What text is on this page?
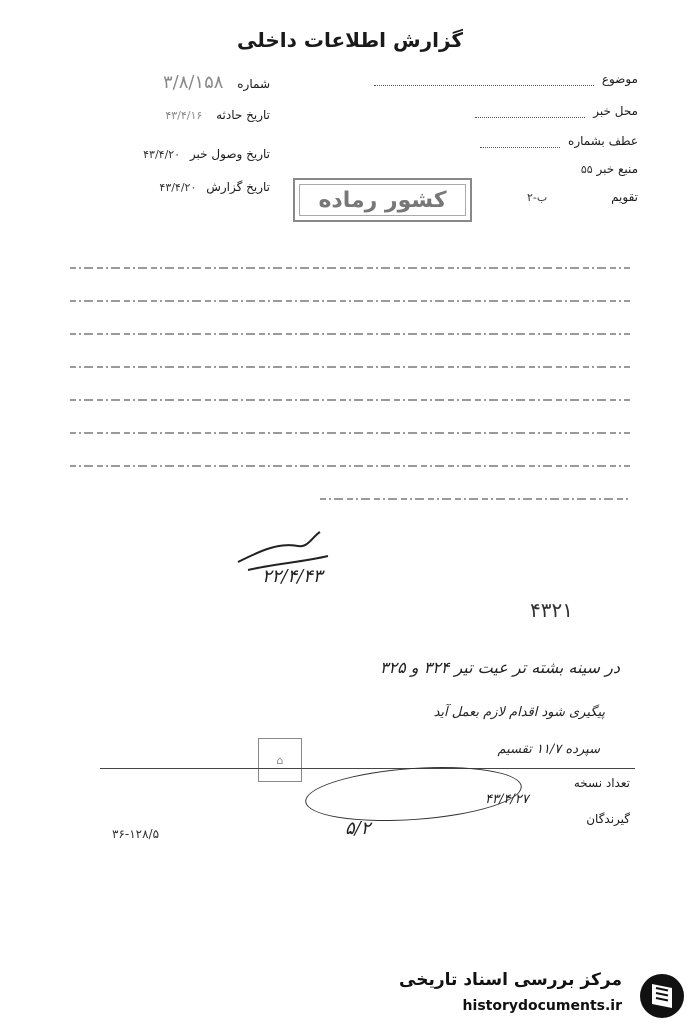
گزارش اطلاعات داخلی
موضوع
محل خبر
عطف بشماره
منبع خبر ۵۵
تقویم ب-۲
شماره ۳/۸/۱۵۸
تاریخ حادثه ۴۳/۴/۱۶
تاریخ وصول خبر ۴۳/۴/۲۰
تاریخ گزارش ۴۳/۴/۲۰	کشور رماده
۲۲/۴/۴۳
۴۳۲۱
در سینه بشته تر عیت تیر ۳۲۴ و ۳۲۵
پیگیری شود اقدام لازم بعمل آید
سپرده ۱۱/۷ تقسیم
⌂
تعداد نسخه
۴۳/۴/۲۷
گیرندگان
۵/۲
۳۶-۱۲۸/۵
مرکز بررسی اسناد تاریخی
historydocuments.ir
